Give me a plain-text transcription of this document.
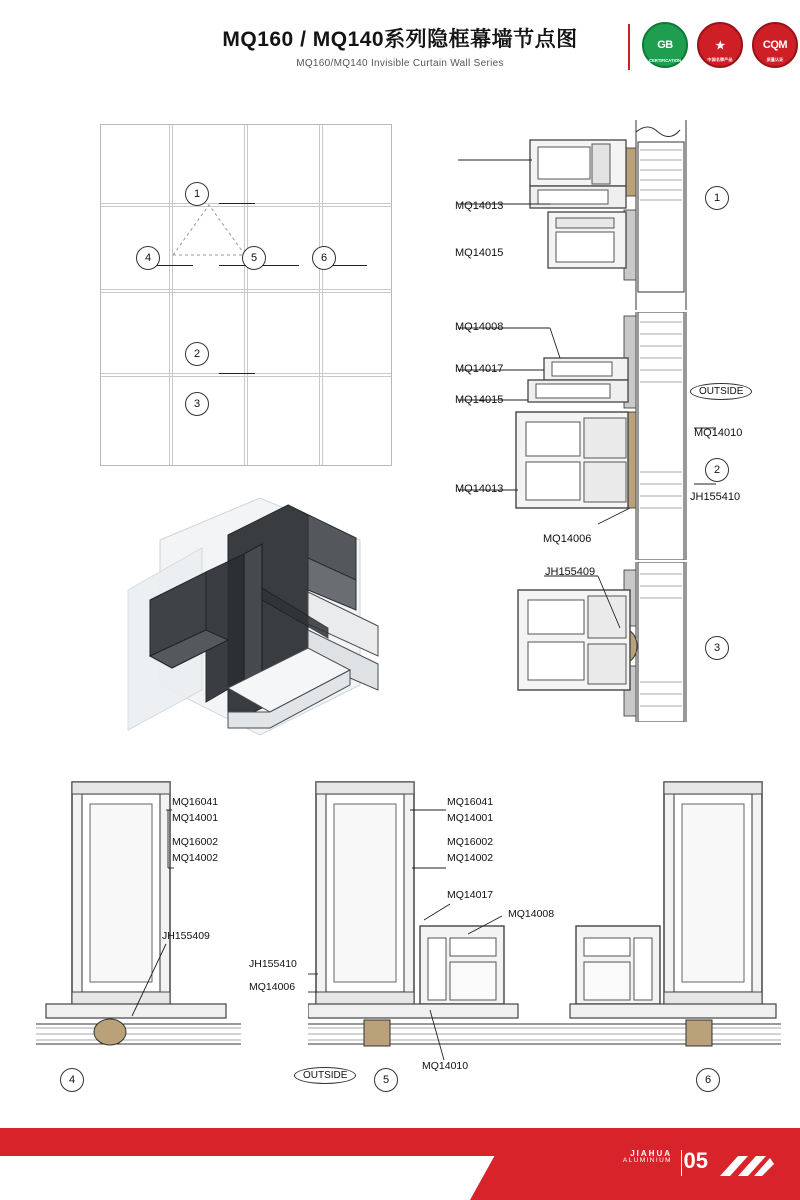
MQ160 / MQ140系列隐框幕墙节点图
MQ160/MQ140 Invisible Curtain Wall Series
GB
CERTIFICATION
★
中国名牌产品
CQM
质量认证
1
2
3
4	5	6
MQ14013
MQ14015
1
MQ14008
MQ14017
MQ14015
MQ14013
MQ14006
MQ14010
JH155410
OUTSIDE
2
JH155409
3
MQ16041
MQ14001
MQ16002
MQ14002
JH155409
4
MQ16041
MQ14001
MQ16002
MQ14002
MQ14017
MQ14008
JH155410
MQ14006
MQ14010
OUTSIDE	5	6
JIAHUA
ALUMINIUM 05
